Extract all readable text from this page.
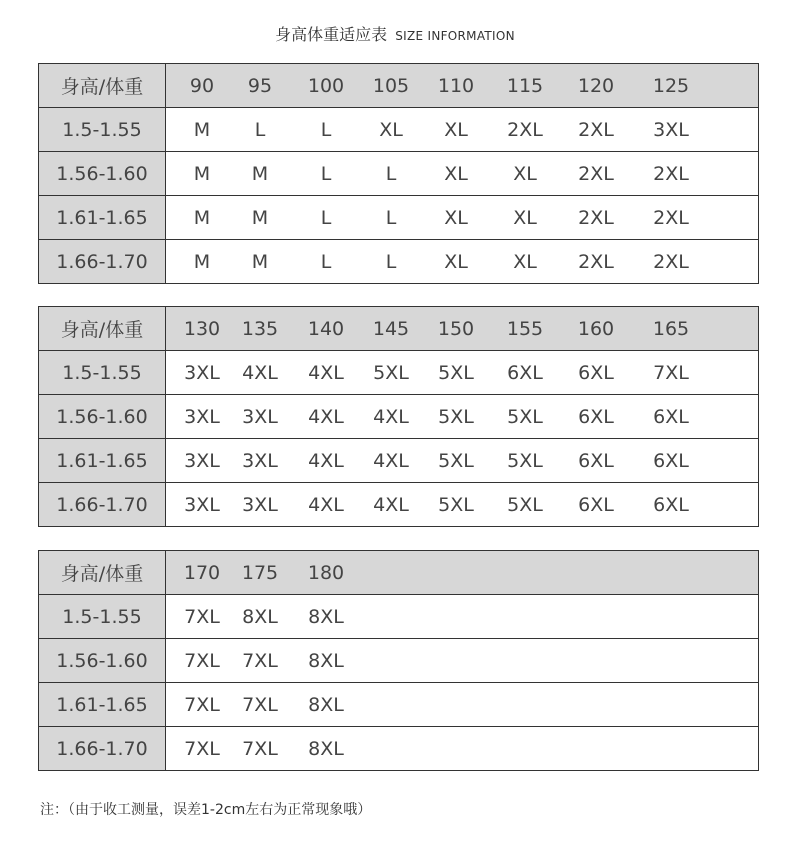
身高体重适应表 SIZE INFORMATION
身高/体重	90	95	100	105	110	115	120	125	
1.5-1.55	M	L	L	XL	XL	2XL	2XL	3XL	
1.56-1.60	M	M	L	L	XL	XL	2XL	2XL	
1.61-1.65	M	M	L	L	XL	XL	2XL	2XL	
1.66-1.70	M	M	L	L	XL	XL	2XL	2XL	
身高/体重	130	135	140	145	150	155	160	165	
1.5-1.55	3XL	4XL	4XL	5XL	5XL	6XL	6XL	7XL	
1.56-1.60	3XL	3XL	4XL	4XL	5XL	5XL	6XL	6XL	
1.61-1.65	3XL	3XL	4XL	4XL	5XL	5XL	6XL	6XL	
1.66-1.70	3XL	3XL	4XL	4XL	5XL	5XL	6XL	6XL	
身高/体重	170	175	180						
1.5-1.55	7XL	8XL	8XL						
1.56-1.60	7XL	7XL	8XL						
1.61-1.65	7XL	7XL	8XL						
1.66-1.70	7XL	7XL	8XL						
注：（由于收工测量，误差1-2cm左右为正常现象哦）
